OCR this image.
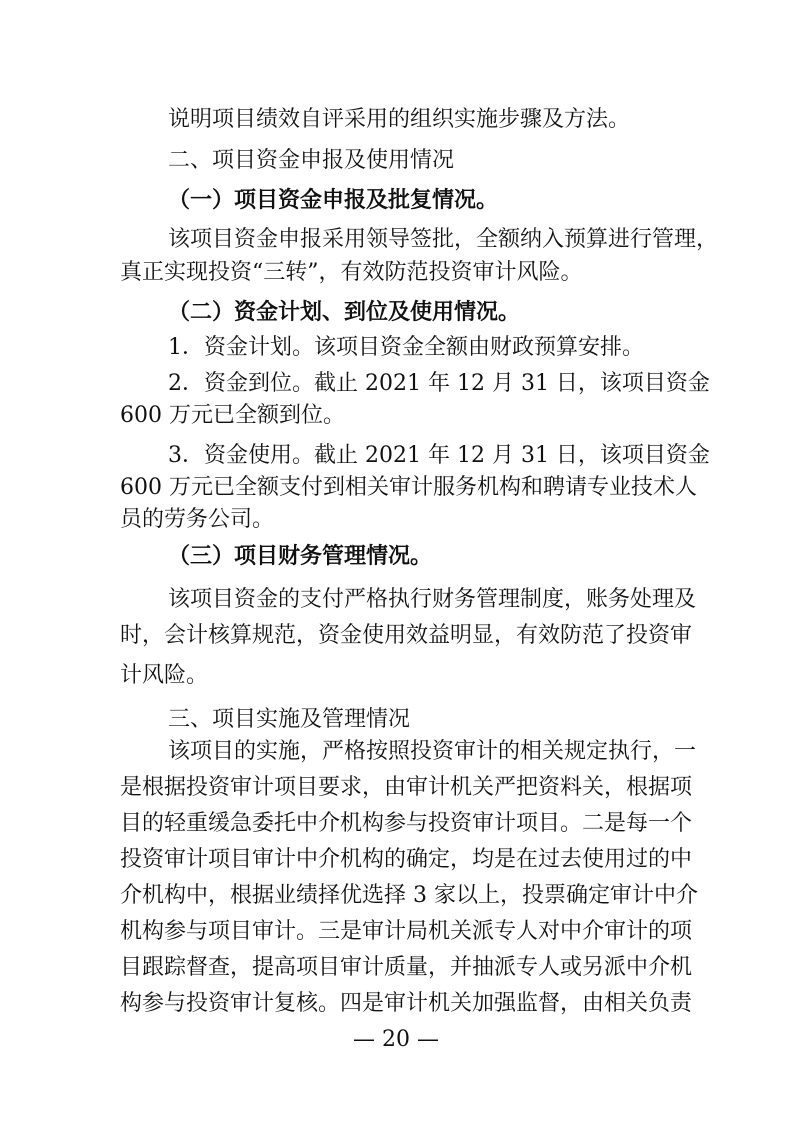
说明项目绩效自评采用的组织实施步骤及方法。
二、项目资金申报及使用情况
（一）项目资金申报及批复情况。
该项目资金申报采用领导签批，全额纳入预算进行管理，
真正实现投资“三转”，有效防范投资审计风险。
（二）资金计划、到位及使用情况。
1．资金计划。该项目资金全额由财政预算安排。
2．资金到位。截止 2021 年 12 月 31 日，该项目资金
600 万元已全额到位。
3．资金使用。截止 2021 年 12 月 31 日，该项目资金
600 万元已全额支付到相关审计服务机构和聘请专业技术人
员的劳务公司。
（三）项目财务管理情况。
该项目资金的支付严格执行财务管理制度，账务处理及
时，会计核算规范，资金使用效益明显，有效防范了投资审
计风险。
三、项目实施及管理情况
该项目的实施，严格按照投资审计的相关规定执行，一
是根据投资审计项目要求，由审计机关严把资料关，根据项
目的轻重缓急委托中介机构参与投资审计项目。二是每一个
投资审计项目审计中介机构的确定，均是在过去使用过的中
介机构中，根据业绩择优选择 3 家以上，投票确定审计中介
机构参与项目审计。三是审计局机关派专人对中介审计的项
目跟踪督查，提高项目审计质量，并抽派专人或另派中介机
构参与投资审计复核。四是审计机关加强监督，由相关负责
— 20 —
